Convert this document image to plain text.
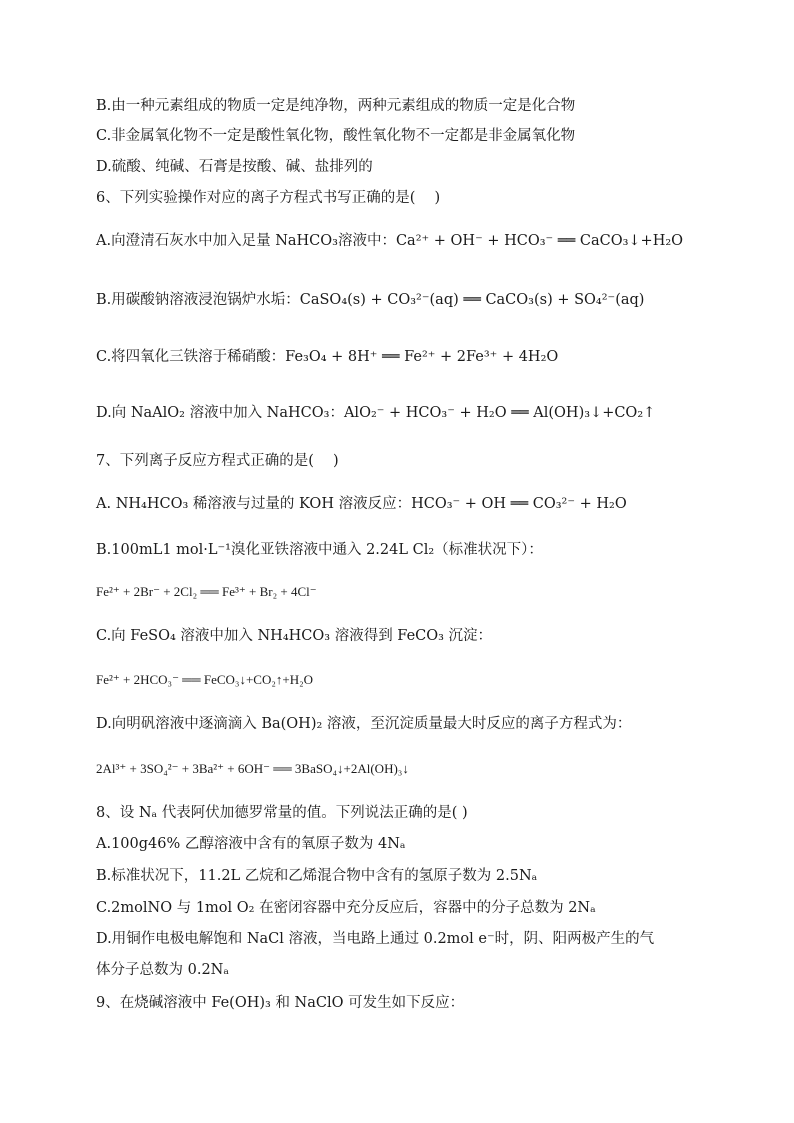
B.由一种元素组成的物质一定是纯净物，两种元素组成的物质一定是化合物
C.非金属氧化物不一定是酸性氧化物，酸性氧化物不一定都是非金属氧化物
D.硫酸、纯碱、石膏是按酸、碱、盐排列的
6、下列实验操作对应的离子方程式书写正确的是(　 )
A.向澄清石灰水中加入足量 NaHCO₃溶液中：Ca²⁺ + OH⁻ + HCO₃⁻ ══ CaCO₃↓+H₂O
B.用碳酸钠溶液浸泡锅炉水垢：CaSO₄(s) + CO₃²⁻(aq) ══ CaCO₃(s) + SO₄²⁻(aq)
C.将四氧化三铁溶于稀硝酸：Fe₃O₄ + 8H⁺ ══ Fe²⁺ + 2Fe³⁺ + 4H₂O
D.向 NaAlO₂ 溶液中加入 NaHCO₃：AlO₂⁻ + HCO₃⁻ + H₂O ══ Al(OH)₃↓+CO₂↑
7、下列离子反应方程式正确的是(　 )
A. NH₄HCO₃ 稀溶液与过量的 KOH 溶液反应：HCO₃⁻ + OH ══ CO₃²⁻ + H₂O
B.100mL1 mol·L⁻¹溴化亚铁溶液中通入 2.24L Cl₂（标准状况下）：
Fe²⁺ + 2Br⁻ + 2Cl₂ ══ Fe³⁺ + Br₂ + 4Cl⁻
C.向 FeSO₄ 溶液中加入 NH₄HCO₃ 溶液得到 FeCO₃ 沉淀：
Fe²⁺ + 2HCO₃⁻ ══ FeCO₃↓+CO₂↑+H₂O
D.向明矾溶液中逐滴滴入 Ba(OH)₂ 溶液，至沉淀质量最大时反应的离子方程式为：
2Al³⁺ + 3SO₄²⁻ + 3Ba²⁺ + 6OH⁻ ══ 3BaSO₄↓+2Al(OH)₃↓
8、设 Nₐ 代表阿伏加德罗常量的值。下列说法正确的是( )
A.100g46% 乙醇溶液中含有的氧原子数为 4Nₐ
B.标准状况下，11.2L 乙烷和乙烯混合物中含有的氢原子数为 2.5Nₐ
C.2molNO 与 1mol O₂ 在密闭容器中充分反应后，容器中的分子总数为 2Nₐ
D.用铜作电极电解饱和 NaCl 溶液，当电路上通过 0.2mol e⁻时，阴、阳两极产生的气
体分子总数为 0.2Nₐ
9、在烧碱溶液中 Fe(OH)₃ 和 NaClO 可发生如下反应：
